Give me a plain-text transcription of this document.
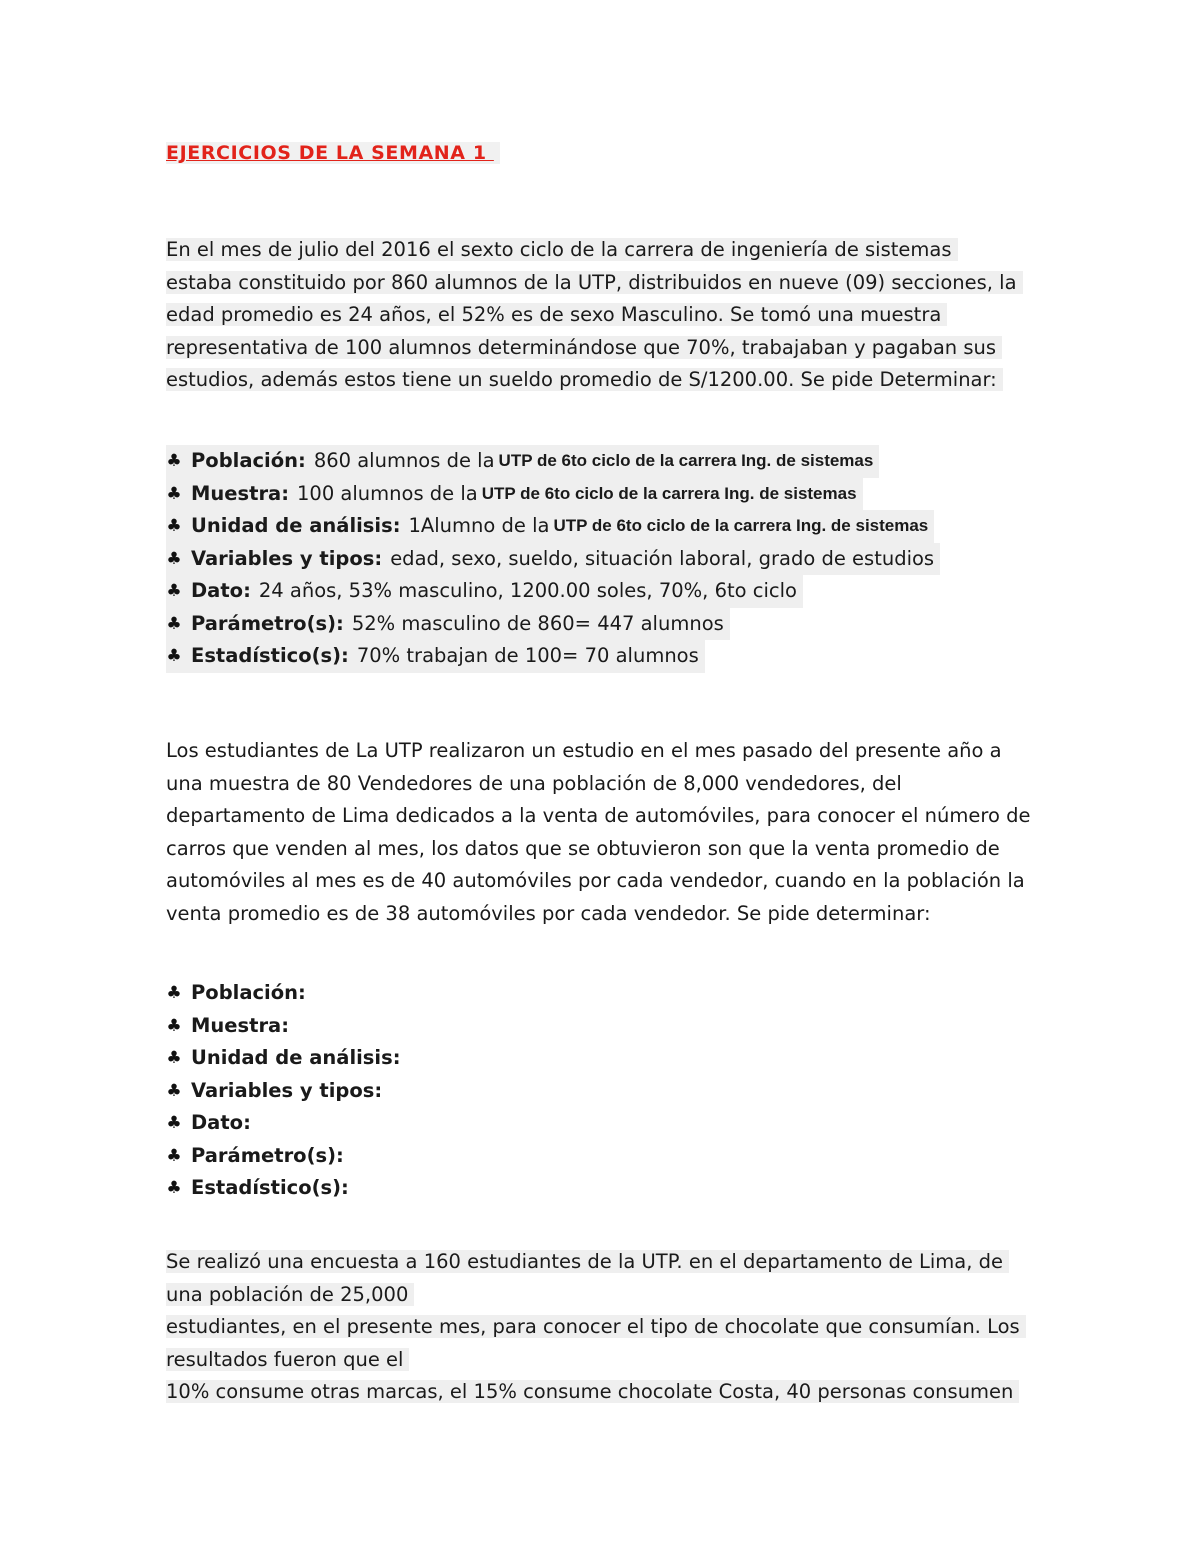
EJERCICIOS DE LA SEMANA 1
En el mes de julio del 2016 el sexto ciclo de la carrera de ingeniería de sistemas
estaba constituido por 860 alumnos de la UTP, distribuidos en nueve (09) secciones, la
edad promedio es 24 años, el 52% es de sexo Masculino. Se tomó una muestra
representativa de 100 alumnos determinándose que 70%, trabajaban y pagaban sus
estudios, además estos tiene un sueldo promedio de S/1200.00. Se pide Determinar:
♣ Población: 860 alumnos de la UTP de 6to ciclo de la carrera Ing. de sistemas
♣ Muestra: 100 alumnos de la UTP de 6to ciclo de la carrera Ing. de sistemas
♣ Unidad de análisis: 1Alumno de la UTP de 6to ciclo de la carrera Ing. de sistemas
♣ Variables y tipos: edad, sexo, sueldo, situación laboral, grado de estudios
♣ Dato: 24 años, 53% masculino, 1200.00 soles, 70%, 6to ciclo
♣ Parámetro(s): 52% masculino de 860= 447 alumnos
♣ Estadístico(s): 70% trabajan de 100= 70 alumnos
Los estudiantes de La UTP realizaron un estudio en el mes pasado del presente año a
una muestra de 80 Vendedores de una población de 8,000 vendedores, del
departamento de Lima dedicados a la venta de automóviles, para conocer el número de
carros que venden al mes, los datos que se obtuvieron son que la venta promedio de
automóviles al mes es de 40 automóviles por cada vendedor, cuando en la población la
venta promedio es de 38 automóviles por cada vendedor. Se pide determinar:
♣ Población:
♣ Muestra:
♣ Unidad de análisis:
♣ Variables y tipos:
♣ Dato:
♣ Parámetro(s):
♣ Estadístico(s):
Se realizó una encuesta a 160 estudiantes de la UTP. en el departamento de Lima, de
una población de 25,000
estudiantes, en el presente mes, para conocer el tipo de chocolate que consumían. Los
resultados fueron que el
10% consume otras marcas, el 15% consume chocolate Costa, 40 personas consumen
